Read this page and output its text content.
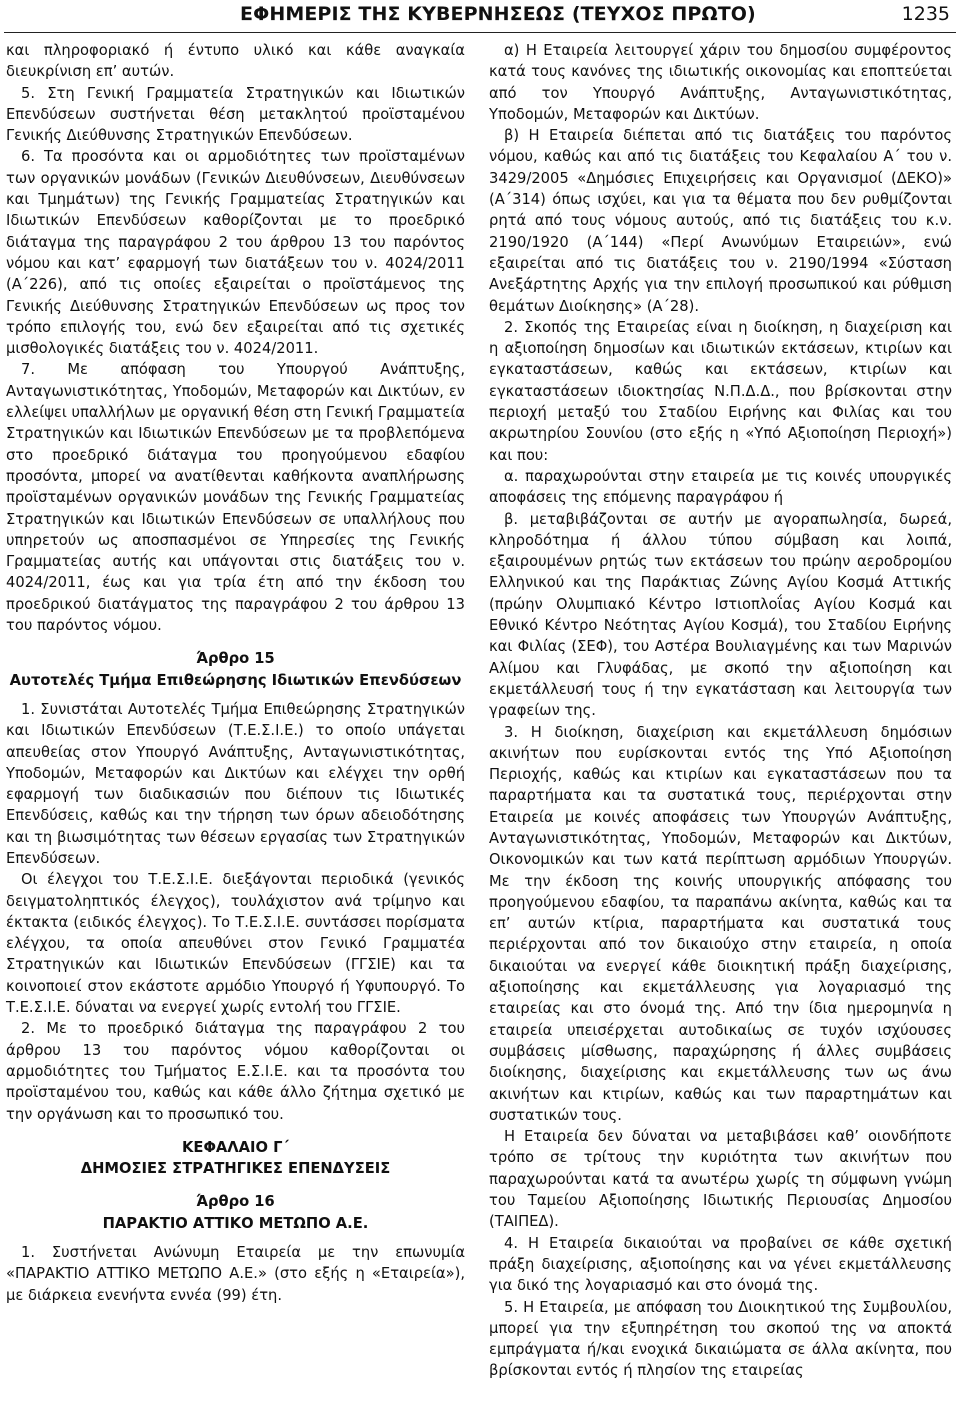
ΕΦΗΜΕΡΙΣ ΤΗΣ ΚΥΒΕΡΝΗΣΕΩΣ (ΤΕΥΧΟΣ ΠΡΩΤΟ)	1235

και πληροφοριακό ή έντυπο υλικό και κάθε αναγκαία διευκρίνιση επ’ αυτών.

5. Στη Γενική Γραμματεία Στρατηγικών και Ιδιωτικών Επενδύσεων συστήνεται θέση μετακλητού προϊσταμένου Γενικής Διεύθυνσης Στρατηγικών Επενδύσεων.

6. Τα προσόντα και οι αρμοδιότητες των προϊσταμένων των οργανικών μονάδων (Γενικών Διευθύνσεων, Διευθύνσεων και Τμημάτων) της Γενικής Γραμματείας Στρατηγικών και Ιδιωτικών Επενδύσεων καθορίζονται με το προεδρικό διάταγμα της παραγράφου 2 του άρθρου 13 του παρόντος νόμου και κατ’ εφαρμογή των διατάξεων του ν. 4024/2011 (Α΄226), από τις οποίες εξαιρείται ο προϊστάμενος της Γενικής Διεύθυνσης Στρατηγικών Επενδύσεων ως προς τον τρόπο επιλογής του, ενώ δεν εξαιρείται από τις σχετικές μισθολογικές διατάξεις του ν. 4024/2011.

7. Με απόφαση του Υπουργού Ανάπτυξης, Ανταγωνιστικότητας, Υποδομών, Μεταφορών και Δικτύων, εν ελλείψει υπαλλήλων με οργανική θέση στη Γενική Γραμματεία Στρατηγικών και Ιδιωτικών Επενδύσεων με τα προβλεπόμενα στο προεδρικό διάταγμα του προηγούμενου εδαφίου προσόντα, μπορεί να ανατίθενται καθήκοντα αναπλήρωσης προϊσταμένων οργανικών μονάδων της Γενικής Γραμματείας Στρατηγικών και Ιδιωτικών Επενδύσεων σε υπαλλήλους που υπηρετούν ως αποσπασμένοι σε Υπηρεσίες της Γενικής Γραμματείας αυτής και υπάγονται στις διατάξεις του ν. 4024/2011, έως και για τρία έτη από την έκδοση του προεδρικού διατάγματος της παραγράφου 2 του άρθρου 13 του παρόντος νόμου.

Άρθρο 15

Αυτοτελές Τμήμα Επιθεώρησης Ιδιωτικών Επενδύσεων

1. Συνιστάται Αυτοτελές Τμήμα Επιθεώρησης Στρατηγικών και Ιδιωτικών Επενδύσεων (Τ.Ε.Σ.Ι.Ε.) το οποίο υπάγεται απευθείας στον Υπουργό Ανάπτυξης, Ανταγωνιστικότητας, Υποδομών, Μεταφορών και Δικτύων και ελέγχει την ορθή εφαρμογή των διαδικασιών που διέπουν τις Ιδιωτικές Επενδύσεις, καθώς και την τήρηση των όρων αδειοδότησης και τη βιωσιμότητας των θέσεων εργασίας των Στρατηγικών Επενδύσεων.

Οι έλεγχοι του Τ.Ε.Σ.Ι.Ε. διεξάγονται περιοδικά (γενικός δειγματοληπτικός έλεγχος), τουλάχιστον ανά τρίμηνο και έκτακτα (ειδικός έλεγχος). Το Τ.Ε.Σ.Ι.Ε. συντάσσει πορίσματα ελέγχου, τα οποία απευθύνει στον Γενικό Γραμματέα Στρατηγικών και Ιδιωτικών Επενδύσεων (ΓΓΣΙΕ) και τα κοινοποιεί στον εκάστοτε αρμόδιο Υπουργό ή Υφυπουργό. Το Τ.Ε.Σ.Ι.Ε. δύναται να ενεργεί χωρίς εντολή του ΓΓΣΙΕ.

2. Με το προεδρικό διάταγμα της παραγράφου 2 του άρθρου 13 του παρόντος νόμου καθορίζονται οι αρμοδιότητες του Τμήματος Ε.Σ.Ι.Ε. και τα προσόντα του προϊσταμένου του, καθώς και κάθε άλλο ζήτημα σχετικό με την οργάνωση και το προσωπικό του.

ΚΕΦΑΛΑΙΟ Γ΄

ΔΗΜΟΣΙΕΣ ΣΤΡΑΤΗΓΙΚΕΣ ΕΠΕΝΔΥΣΕΙΣ

Άρθρο 16

ΠΑΡΑΚΤΙΟ ΑΤΤΙΚΟ ΜΕΤΩΠΟ Α.Ε.

1. Συστήνεται Ανώνυμη Εταιρεία με την επωνυμία «ΠΑΡΑΚΤΙΟ ΑΤΤΙΚΟ ΜΕΤΩΠΟ Α.Ε.» (στο εξής η «Εταιρεία»), με διάρκεια ενενήντα εννέα (99) έτη.

α) Η Εταιρεία λειτουργεί χάριν του δημοσίου συμφέροντος κατά τους κανόνες της ιδιωτικής οικονομίας και εποπτεύεται από τον Υπουργό Ανάπτυξης, Ανταγωνιστικότητας, Υποδομών, Μεταφορών και Δικτύων.

β) Η Εταιρεία διέπεται από τις διατάξεις του παρόντος νόμου, καθώς και από τις διατάξεις του Κεφαλαίου Α΄ του ν. 3429/2005 «Δημόσιες Επιχειρήσεις και Οργανισμοί (ΔΕΚΟ)» (Α΄314) όπως ισχύει, και για τα θέματα που δεν ρυθμίζονται ρητά από τους νόμους αυτούς, από τις διατάξεις του κ.ν. 2190/1920 (Α΄144) «Περί Ανωνύμων Εταιρειών», ενώ εξαιρείται από τις διατάξεις του ν. 2190/1994 «Σύσταση Ανεξάρτητης Αρχής για την επιλογή προσωπικού και ρύθμιση θεμάτων Διοίκησης» (Α΄28).

2. Σκοπός της Εταιρείας είναι η διοίκηση, η διαχείριση και η αξιοποίηση δημοσίων και ιδιωτικών εκτάσεων, κτιρίων και εγκαταστάσεων, καθώς και εκτάσεων, κτιρίων και εγκαταστάσεων ιδιοκτησίας Ν.Π.Δ.Δ., που βρίσκονται στην περιοχή μεταξύ του Σταδίου Ειρήνης και Φιλίας και του ακρωτηρίου Σουνίου (στο εξής η «Υπό Αξιοποίηση Περιοχή») και που:

α. παραχωρούνται στην εταιρεία με τις κοινές υπουργικές αποφάσεις της επόμενης παραγράφου ή

β. μεταβιβάζονται σε αυτήν με αγοραπωλησία, δωρεά, κληροδότημα ή άλλου τύπου σύμβαση και λοιπά, εξαιρουμένων ρητώς των εκτάσεων του πρώην αεροδρομίου Ελληνικού και της Παράκτιας Ζώνης Αγίου Κοσμά Αττικής (πρώην Ολυμπιακό Κέντρο Ιστιοπλοΐας Αγίου Κοσμά και Εθνικό Κέντρο Νεότητας Αγίου Κοσμά), του Σταδίου Ειρήνης και Φιλίας (ΣΕΦ), του Αστέρα Βουλιαγμένης και των Μαρινών Αλίμου και Γλυφάδας, με σκοπό την αξιοποίηση και εκμετάλλευσή τους ή την εγκατάσταση και λειτουργία των γραφείων της.

3. Η διοίκηση, διαχείριση και εκμετάλλευση δημόσιων ακινήτων που ευρίσκονται εντός της Υπό Αξιοποίηση Περιοχής, καθώς και κτιρίων και εγκαταστάσεων που τα παραρτήματα και τα συστατικά τους, περιέρχονται στην Εταιρεία με κοινές αποφάσεις των Υπουργών Ανάπτυξης, Ανταγωνιστικότητας, Υποδομών, Μεταφορών και Δικτύων, Οικονομικών και των κατά περίπτωση αρμόδιων Υπουργών. Με την έκδοση της κοινής υπουργικής απόφασης του προηγούμενου εδαφίου, τα παραπάνω ακίνητα, καθώς και τα επ’ αυτών κτίρια, παραρτήματα και συστατικά τους περιέρχονται από τον δικαιούχο στην εταιρεία, η οποία δικαιούται να ενεργεί κάθε διοικητική πράξη διαχείρισης, αξιοποίησης και εκμετάλλευσης για λογαριασμό της εταιρείας και στο όνομά της. Από την ίδια ημερομηνία η εταιρεία υπεισέρχεται αυτοδικαίως σε τυχόν ισχύουσες συμβάσεις μίσθωσης, παραχώρησης ή άλλες συμβάσεις διοίκησης, διαχείρισης και εκμετάλλευσης των ως άνω ακινήτων και κτιρίων, καθώς και των παραρτημάτων και συστατικών τους.

Η Εταιρεία δεν δύναται να μεταβιβάσει καθ’ οιονδήποτε τρόπο σε τρίτους την κυριότητα των ακινήτων που παραχωρούνται κατά τα ανωτέρω χωρίς τη σύμφωνη γνώμη του Ταμείου Αξιοποίησης Ιδιωτικής Περιουσίας Δημοσίου (ΤΑΙΠΕΔ).

4. Η Εταιρεία δικαιούται να προβαίνει σε κάθε σχετική πράξη διαχείρισης, αξιοποίησης και να γένει εκμετάλλευσης για δικό της λογαριασμό και στο όνομά της.

5. Η Εταιρεία, με απόφαση του Διοικητικού της Συμβουλίου, μπορεί για την εξυπηρέτηση του σκοπού της να αποκτά εμπράγματα ή/και ενοχικά δικαιώματα σε άλλα ακίνητα, που βρίσκονται εντός ή πλησίον της εταιρείας
